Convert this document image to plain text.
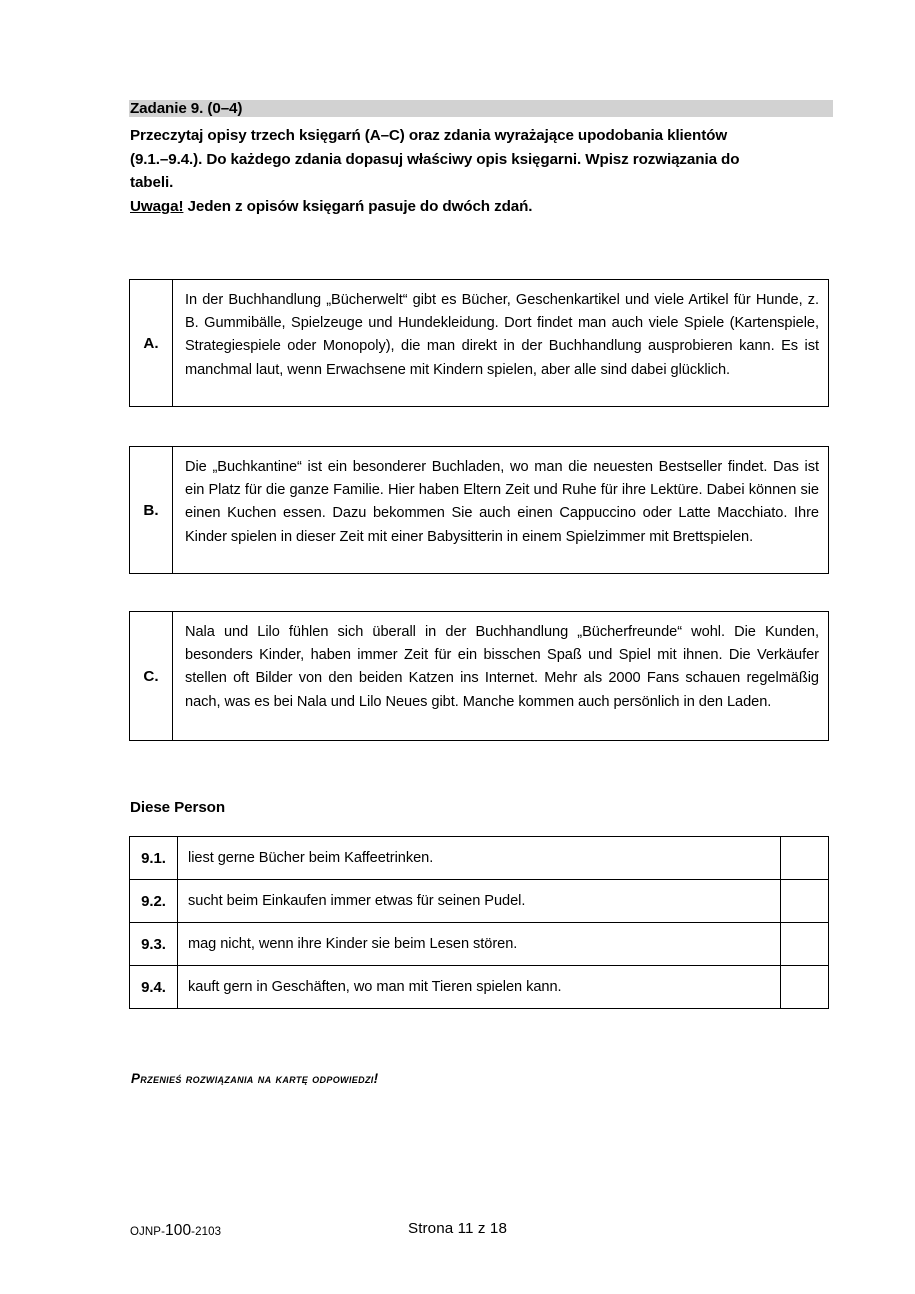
Zadanie 9. (0–4)
Przeczytaj opisy trzech księgarń (A–C) oraz zdania wyrażające upodobania klientów
(9.1.–9.4.). Do każdego zdania dopasuj właściwy opis księgarni. Wpisz rozwiązania do
tabeli.
Uwaga! Jeden z opisów księgarń pasuje do dwóch zdań.
A.
In der Buchhandlung „Bücherwelt“ gibt es Bücher, Geschenkartikel und viele Artikel für Hunde, z. B. Gummibälle, Spielzeuge und Hundekleidung. Dort findet man auch viele Spiele (Kartenspiele, Strategiespiele oder Monopoly), die man direkt in der Buchhandlung ausprobieren kann. Es ist manchmal laut, wenn Erwachsene mit Kindern spielen, aber alle sind dabei glücklich.
B.
Die „Buchkantine“ ist ein besonderer Buchladen, wo man die neuesten Bestseller findet. Das ist ein Platz für die ganze Familie. Hier haben Eltern Zeit und Ruhe für ihre Lektüre. Dabei können sie einen Kuchen essen. Dazu bekommen Sie auch einen Cappuccino oder Latte Macchiato. Ihre Kinder spielen in dieser Zeit mit einer Babysitterin in einem Spielzimmer mit Brettspielen.
C.
Nala und Lilo fühlen sich überall in der Buchhandlung „Bücherfreunde“ wohl. Die Kunden, besonders Kinder, haben immer Zeit für ein bisschen Spaß und Spiel mit ihnen. Die Verkäufer stellen oft Bilder von den beiden Katzen ins Internet. Mehr als 2000 Fans schauen regelmäßig nach, was es bei Nala und Lilo Neues gibt. Manche kommen auch persönlich in den Laden.
Diese Person
9.1.	liest gerne Bücher beim Kaffeetrinken.	
9.2.	sucht beim Einkaufen immer etwas für seinen Pudel.	
9.3.	mag nicht, wenn ihre Kinder sie beim Lesen stören.	
9.4.	kauft gern in Geschäften, wo man mit Tieren spielen kann.	
Przenieś rozwiązania na kartę odpowiedzi!
OJNP-100-2103	Strona 11 z 18
